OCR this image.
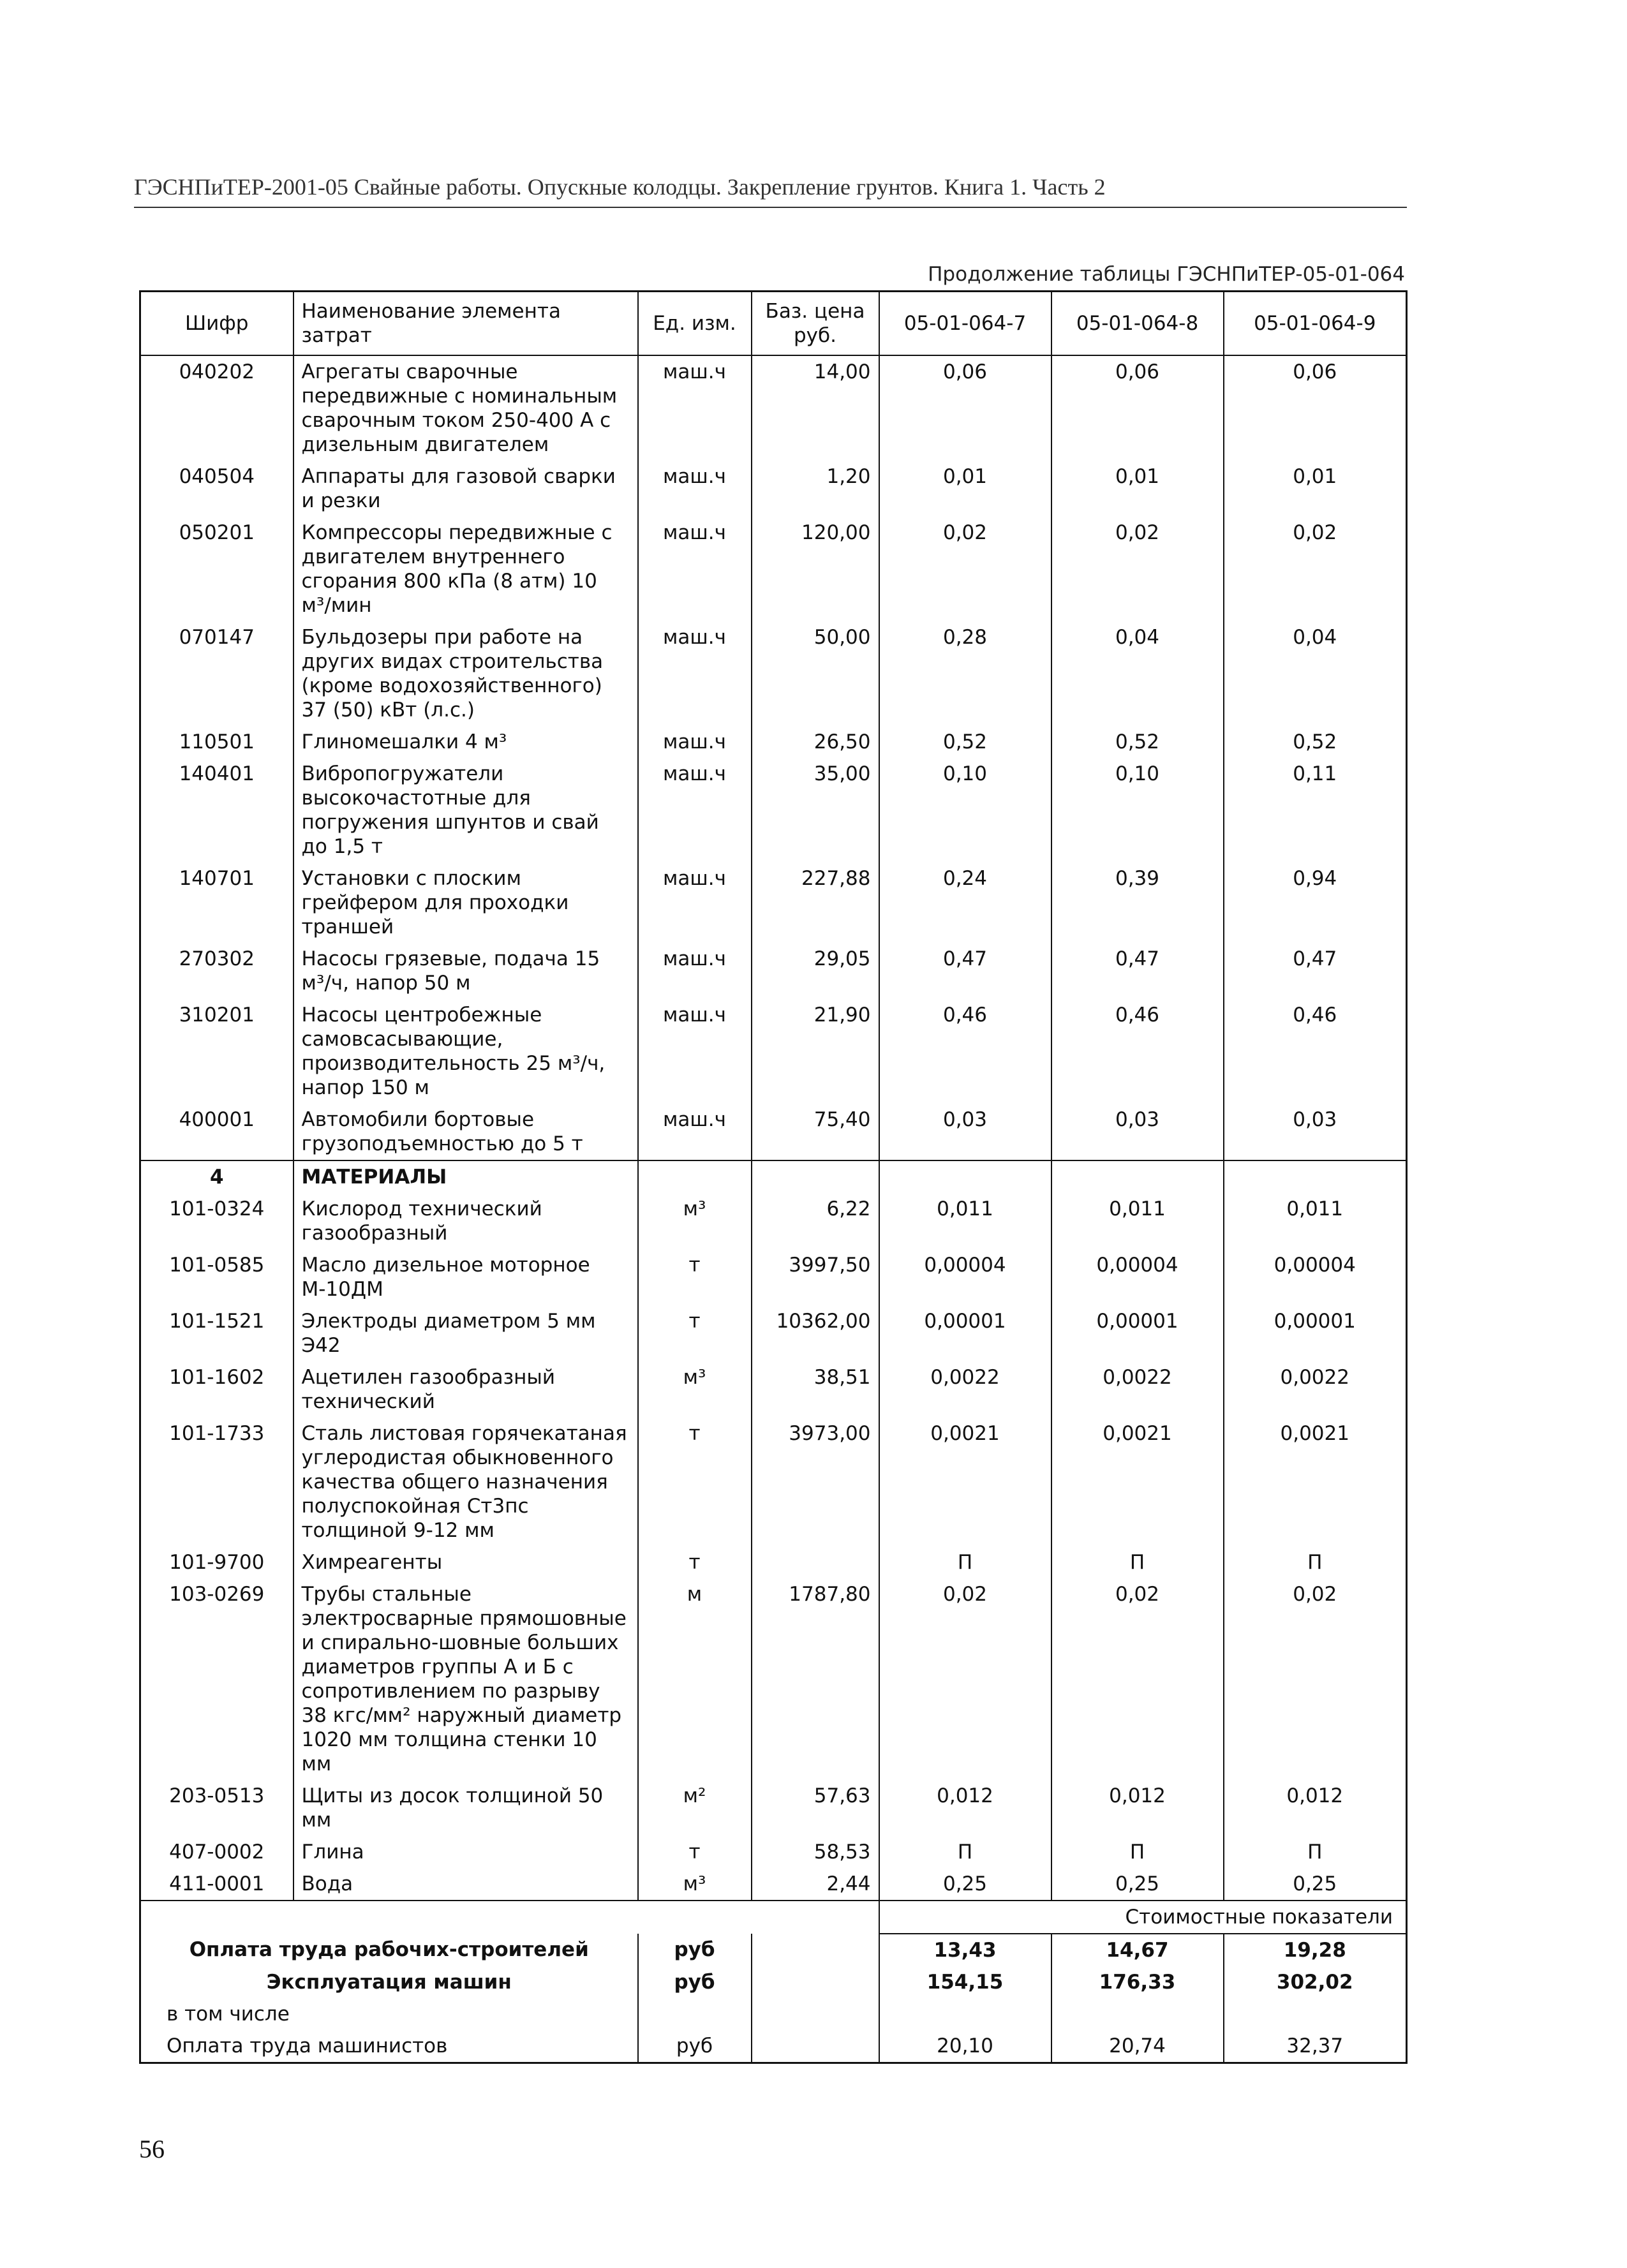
ГЭСНПиТЕР-2001-05 Свайные работы. Опускные колодцы. Закрепление грунтов. Книга 1. Часть 2
Продолжение таблицы ГЭСНПиТЕР-05-01-064
Шифр	Наименование элемента затрат	Ед. изм.	Баз. цена руб.	05-01-064-7	05-01-064-8	05-01-064-9
040202	Агрегаты сварочные передвижные с номинальным сварочным током 250-400 А с дизельным двигателем	маш.ч	14,00	0,06	0,06	0,06
040504	Аппараты для газовой сварки и резки	маш.ч	1,20	0,01	0,01	0,01
050201	Компрессоры передвижные с двигателем внутреннего сгорания 800 кПа (8 атм) 10 м³/мин	маш.ч	120,00	0,02	0,02	0,02
070147	Бульдозеры при работе на других видах строительства (кроме водохозяйственного) 37 (50) кВт (л.с.)	маш.ч	50,00	0,28	0,04	0,04
110501	Глиномешалки 4 м³	маш.ч	26,50	0,52	0,52	0,52
140401	Вибропогружатели высокочастотные для погружения шпунтов и свай до 1,5 т	маш.ч	35,00	0,10	0,10	0,11
140701	Установки с плоским грейфером для проходки траншей	маш.ч	227,88	0,24	0,39	0,94
270302	Насосы грязевые, подача 15 м³/ч, напор 50 м	маш.ч	29,05	0,47	0,47	0,47
310201	Насосы центробежные самовсасывающие, производительность 25 м³/ч, напор 150 м	маш.ч	21,90	0,46	0,46	0,46
400001	Автомобили бортовые грузоподъемностью до 5 т	маш.ч	75,40	0,03	0,03	0,03
4	МАТЕРИАЛЫ					
101-0324	Кислород технический газообразный	м³	6,22	0,011	0,011	0,011
101-0585	Масло дизельное моторное М-10ДМ	т	3997,50	0,00004	0,00004	0,00004
101-1521	Электроды диаметром 5 мм Э42	т	10362,00	0,00001	0,00001	0,00001
101-1602	Ацетилен газообразный технический	м³	38,51	0,0022	0,0022	0,0022
101-1733	Сталь листовая горячекатаная углеродистая обыкновенного качества общего назначения полуспокойная Ст3пс толщиной 9-12 мм	т	3973,00	0,0021	0,0021	0,0021
101-9700	Химреагенты	т		П	П	П
103-0269	Трубы стальные электросварные прямошовные и спирально-шовные больших диаметров группы А и Б с сопротивлением по разрыву 38 кгс/мм² наружный диаметр 1020 мм толщина стенки 10 мм	м	1787,80	0,02	0,02	0,02
203-0513	Щиты из досок толщиной 50 мм	м²	57,63	0,012	0,012	0,012
407-0002	Глина	т	58,53	П	П	П
411-0001	Вода	м³	2,44	0,25	0,25	0,25
				Стоимостные показатели		
Оплата труда рабочих-строителей		руб		13,43	14,67	19,28
Эксплуатация машин		руб		154,15	176,33	302,02
в том числе						
Оплата труда машинистов		руб		20,10	20,74	32,37
56
